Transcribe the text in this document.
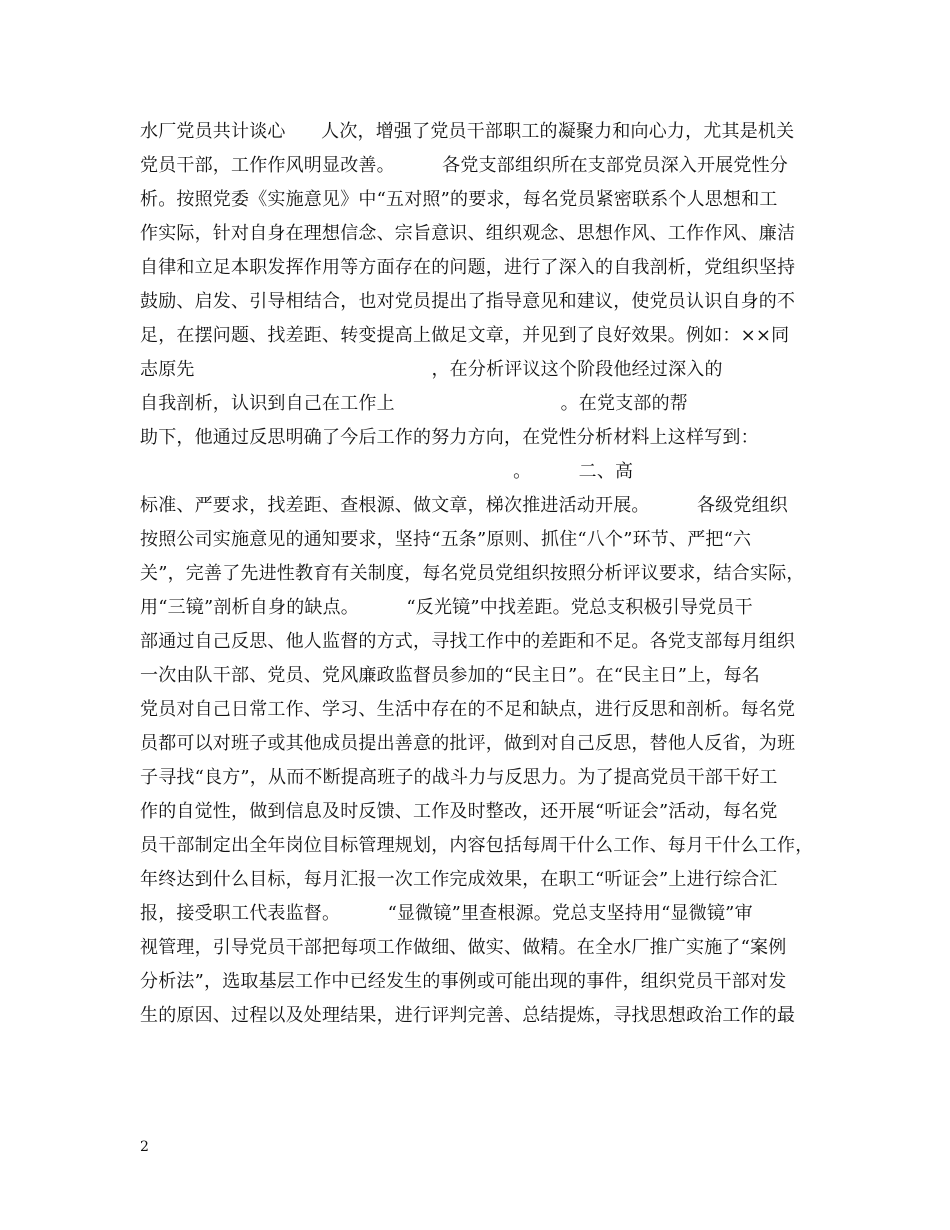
水厂党员共计谈心      人次，增强了党员干部职工的凝聚力和向心力，尤其是机关
党员干部，工作作风明显改善。        各党支部组织所在支部党员深入开展党性分
析。按照党委《实施意见》中“五对照”的要求，每名党员紧密联系个人思想和工
作实际，针对自身在理想信念、宗旨意识、组织观念、思想作风、工作作风、廉洁
自律和立足本职发挥作用等方面存在的问题，进行了深入的自我剖析，党组织坚持
鼓励、启发、引导相结合，也对党员提出了指导意见和建议，使党员认识自身的不
足，在摆问题、找差距、转变提高上做足文章，并见到了良好效果。例如：××同
志原先                                        ，在分析评议这个阶段他经过深入的
自我剖析，认识到自己在工作上                            。在党支部的帮
助下，他通过反思明确了今后工作的努力方向，在党性分析材料上这样写到：
。        二、高
标准、严要求，找差距、查根源、做文章，梯次推进活动开展。        各级党组织
按照公司实施意见的通知要求，坚持“五条”原则、抓住“八个”环节、严把“六
关”，完善了先进性教育有关制度，每名党员党组织按照分析评议要求，结合实际，
用“三镜”剖析自身的缺点。        “反光镜”中找差距。党总支积极引导党员干
部通过自己反思、他人监督的方式，寻找工作中的差距和不足。各党支部每月组织
一次由队干部、党员、党风廉政监督员参加的“民主日”。在“民主日”上，每名
党员对自己日常工作、学习、生活中存在的不足和缺点，进行反思和剖析。每名党
员都可以对班子或其他成员提出善意的批评，做到对自己反思，替他人反省，为班
子寻找“良方”，从而不断提高班子的战斗力与反思力。为了提高党员干部干好工
作的自觉性，做到信息及时反馈、工作及时整改，还开展“听证会”活动，每名党
员干部制定出全年岗位目标管理规划，内容包括每周干什么工作、每月干什么工作，
年终达到什么目标，每月汇报一次工作完成效果，在职工“听证会”上进行综合汇
报，接受职工代表监督。        “显微镜”里查根源。党总支坚持用“显微镜”审
视管理，引导党员干部把每项工作做细、做实、做精。在全水厂推广实施了“案例
分析法”，选取基层工作中已经发生的事例或可能出现的事件，组织党员干部对发
生的原因、过程以及处理结果，进行评判完善、总结提炼，寻找思想政治工作的最
2
